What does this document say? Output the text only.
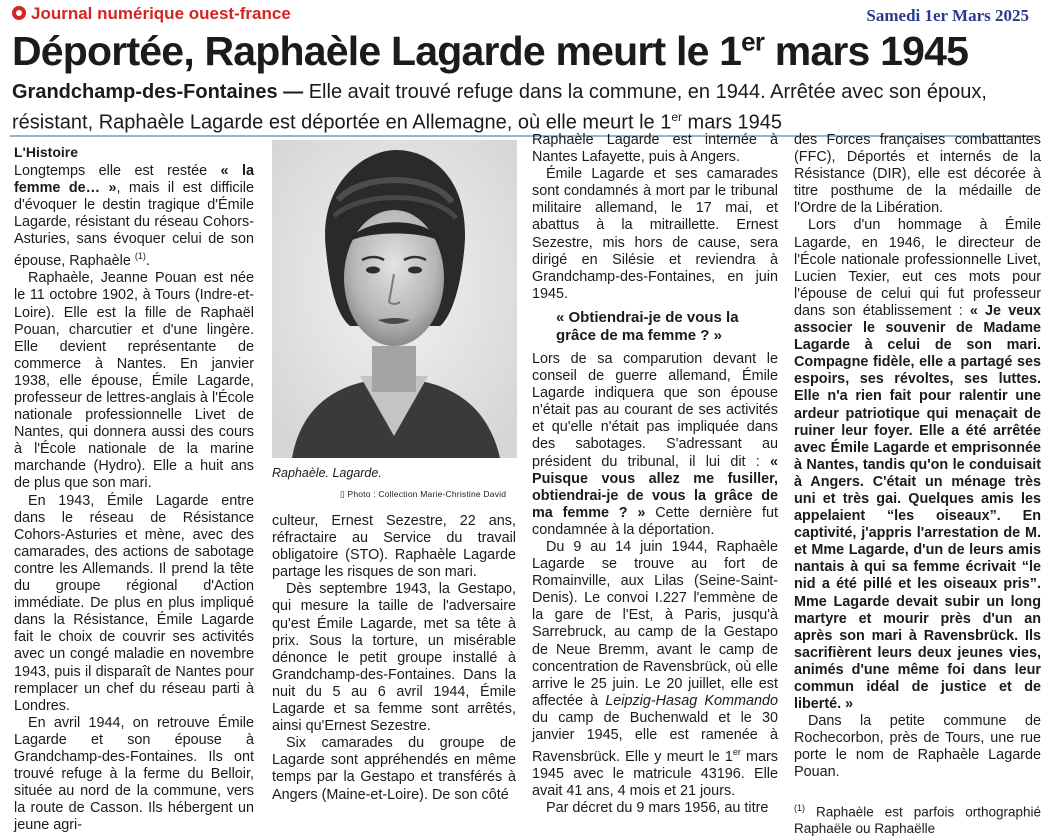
Journal numérique ouest-france	Samedi 1er Mars 2025
Déportée, Raphaèle Lagarde meurt le 1er mars 1945

Grandchamp-des-Fontaines — Elle avait trouvé refuge dans la commune, en 1944. Arrêtée avec son époux, résistant, Raphaèle Lagarde est déportée en Allemagne, où elle meurt le 1er mars 1945

L'Histoire

Longtemps elle est restée « la femme de… », mais il est difficile d'évoquer le destin tragique d'Émile Lagarde, résistant du réseau Cohors-Asturies, sans évoquer celui de son épouse, Raphaèle $^{(1)}$.

Raphaèle, Jeanne Pouan est née le 11 octobre 1902, à Tours (Indre-et-Loire). Elle est la fille de Raphaël Pouan, charcutier et d'une lingère. Elle devient représentante de commerce à Nantes. En janvier 1938, elle épouse, Émile Lagarde, professeur de lettres-anglais à l'École nationale professionnelle Livet de Nantes, qui donnera aussi des cours à l'École nationale de la marine marchande (Hydro). Elle a huit ans de plus que son mari.

En 1943, Émile Lagarde entre dans le réseau de Résistance Cohors-Asturies et mène, avec des camarades, des actions de sabotage contre les Allemands. Il prend la tête du groupe régional d'Action immédiate. De plus en plus impliqué dans la Résistance, Émile Lagarde fait le choix de couvrir ses activités avec un congé maladie en novembre 1943, puis il disparaît de Nantes pour remplacer un chef du réseau parti à Londres.

En avril 1944, on retrouve Émile Lagarde et son épouse à Grandchamp-des-Fontaines. Ils ont trouvé refuge à la ferme du Belloir, située au nord de la commune, vers la route de Casson. Ils hébergent un jeune agri-

Raphaèle. Lagarde.
▯ Photo : Collection Marie-Christine David

culteur, Ernest Sezestre, 22 ans, réfractaire au Service du travail obligatoire (STO). Raphaèle Lagarde partage les risques de son mari.

Dès septembre 1943, la Gestapo, qui mesure la taille de l'adversaire qu'est Émile Lagarde, met sa tête à prix. Sous la torture, un misérable dénonce le petit groupe installé à Grandchamp-des-Fontaines. Dans la nuit du 5 au 6 avril 1944, Émile Lagarde et sa femme sont arrêtés, ainsi qu'Ernest Sezestre.

Six camarades du groupe de Lagarde sont appréhendés en même temps par la Gestapo et transférés à Angers (Maine-et-Loire). De son côté

Raphaèle Lagarde est internée à Nantes Lafayette, puis à Angers.

Émile Lagarde et ses camarades sont condamnés à mort par le tribunal militaire allemand, le 17 mai, et abattus à la mitraillette. Ernest Sezestre, mis hors de cause, sera dirigé en Silésie et reviendra à Grandchamp-des-Fontaines, en juin 1945.

« Obtiendrai-je de vous la grâce de ma femme ? »

Lors de sa comparution devant le conseil de guerre allemand, Émile Lagarde indiquera que son épouse n'était pas au courant de ses activités et qu'elle n'était pas impliquée dans des sabotages. S'adressant au président du tribunal, il lui dit : « Puisque vous allez me fusiller, obtiendrai-je de vous la grâce de ma femme ? » Cette dernière fut condamnée à la déportation.

Du 9 au 14 juin 1944, Raphaèle Lagarde se trouve au fort de Romainville, aux Lilas (Seine-Saint-Denis). Le convoi I.227 l'emmène de la gare de l'Est, à Paris, jusqu'à Sarrebruck, au camp de la Gestapo de Neue Bremm, avant le camp de concentration de Ravensbrück, où elle arrive le 25 juin. Le 20 juillet, elle est affectée à Leipzig-Hasag Kommando du camp de Buchenwald et le 30 janvier 1945, elle est ramenée à Ravensbrück. Elle y meurt le 1er mars 1945 avec le matricule 43196. Elle avait 41 ans, 4 mois et 21 jours.

Par décret du 9 mars 1956, au titre

des Forces françaises combattantes (FFC), Déportés et internés de la Résistance (DIR), elle est décorée à titre posthume de la médaille de l'Ordre de la Libération.

Lors d'un hommage à Émile Lagarde, en 1946, le directeur de l'École nationale professionnelle Livet, Lucien Texier, eut ces mots pour l'épouse de celui qui fut professeur dans son établissement : « Je veux associer le souvenir de Madame Lagarde à celui de son mari. Compagne fidèle, elle a partagé ses espoirs, ses révoltes, ses luttes. Elle n'a rien fait pour ralentir une ardeur patriotique qui menaçait de ruiner leur foyer. Elle a été arrêtée avec Émile Lagarde et emprisonnée à Nantes, tandis qu'on le conduisait à Angers. C'était un ménage très uni et très gai. Quelques amis les appelaient “les oiseaux”. En captivité, j'appris l'arrestation de M. et Mme Lagarde, d'un de leurs amis nantais à qui sa femme écrivait “le nid a été pillé et les oiseaux pris”. Mme Lagarde devait subir un long martyre et mourir près d'un an après son mari à Ravensbrück. Ils sacrifièrent leurs deux jeunes vies, animés d'une même foi dans leur commun idéal de justice et de liberté. »

Dans la petite commune de Rochecorbon, près de Tours, une rue porte le nom de Raphaèle Lagarde Pouan.

$^{(1)}$ Raphaèle est parfois orthographié Raphaële ou Raphaëlle
